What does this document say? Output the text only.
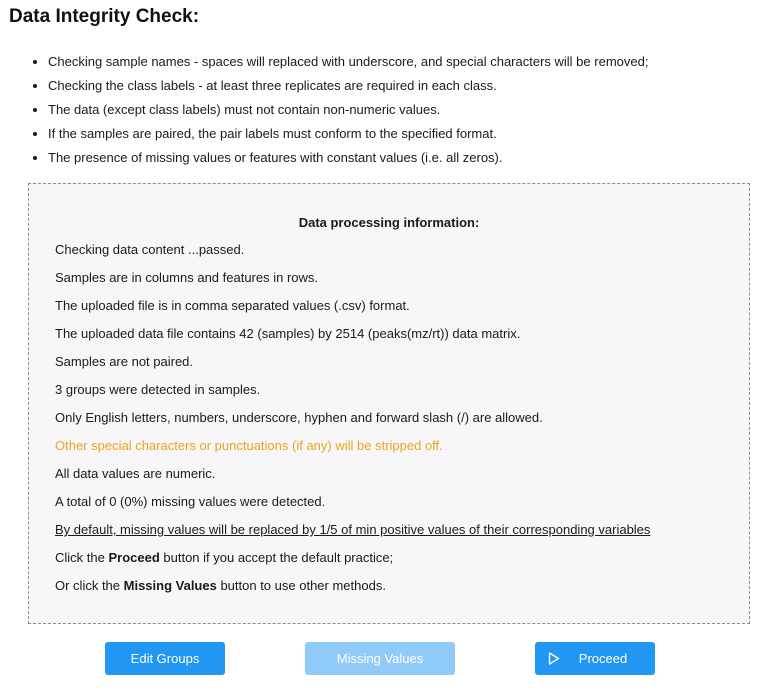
Data Integrity Check:
• Checking sample names - spaces will replaced with underscore, and special characters will be removed;
• Checking the class labels - at least three replicates are required in each class.
• The data (except class labels) must not contain non-numeric values.
• If the samples are paired, the pair labels must conform to the specified format.
• The presence of missing values or features with constant values (i.e. all zeros).
Data processing information:
Checking data content ...passed.
Samples are in columns and features in rows.
The uploaded file is in comma separated values (.csv) format.
The uploaded data file contains 42 (samples) by 2514 (peaks(mz/rt)) data matrix.
Samples are not paired.
3 groups were detected in samples.
Only English letters, numbers, underscore, hyphen and forward slash (/) are allowed.
Other special characters or punctuations (if any) will be stripped off.
All data values are numeric.
A total of 0 (0%) missing values were detected.
By default, missing values will be replaced by 1/5 of min positive values of their corresponding variables
Click the Proceed button if you accept the default practice;
Or click the Missing Values button to use other methods.
Edit Groups	Missing Values	Proceed
